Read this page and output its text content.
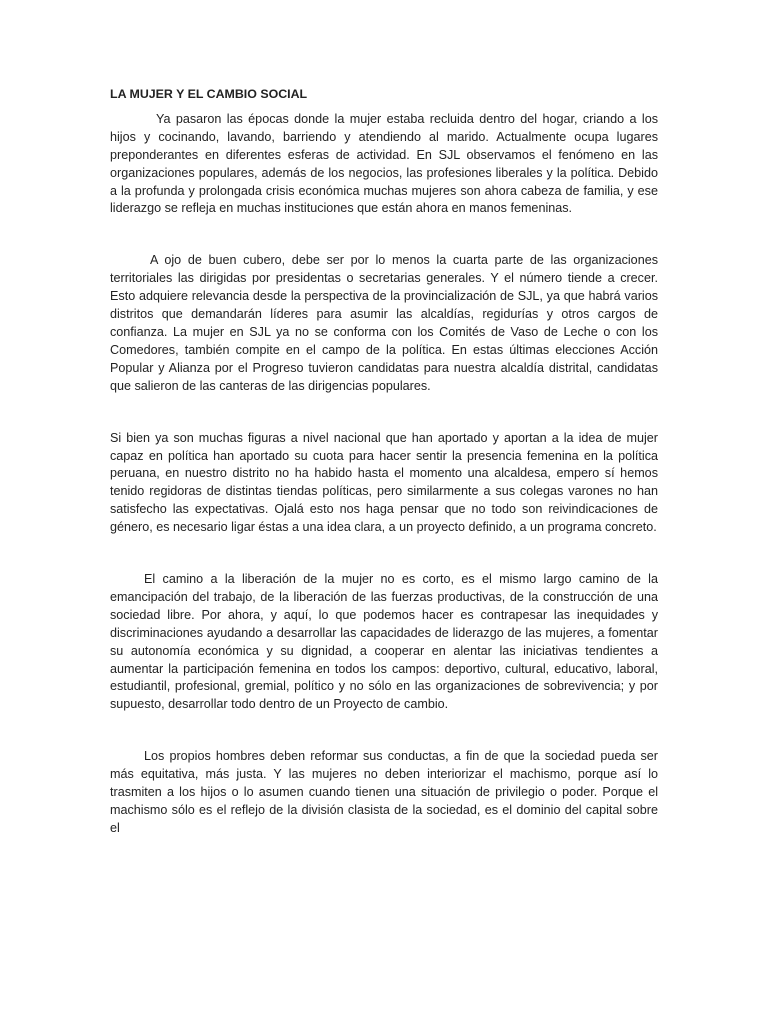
LA MUJER Y EL CAMBIO SOCIAL

Ya pasaron las épocas donde la mujer estaba recluida dentro del hogar, criando a los hijos y cocinando, lavando, barriendo y atendiendo al marido. Actualmente ocupa lugares preponderantes en diferentes esferas de actividad. En SJL observamos el fenómeno en las organizaciones populares, además de los negocios, las profesiones liberales y la política. Debido a la profunda y prolongada crisis económica muchas mujeres son ahora cabeza de familia, y ese liderazgo se refleja en muchas instituciones que están ahora en manos femeninas.

A ojo de buen cubero, debe ser por lo menos la cuarta parte de las organizaciones territoriales las dirigidas por presidentas o secretarias generales. Y el número tiende a crecer. Esto adquiere relevancia desde la perspectiva de la provincialización de SJL, ya que habrá varios distritos que demandarán líderes para asumir las alcaldías, regidurías y otros cargos de confianza. La mujer en SJL ya no se conforma con los Comités de Vaso de Leche o con los Comedores, también compite en el campo de la política. En estas últimas elecciones Acción Popular y Alianza por el Progreso tuvieron candidatas para nuestra alcaldía distrital, candidatas que salieron de las canteras de las dirigencias populares.

Si bien ya son muchas figuras a nivel nacional que han aportado y aportan a la idea de mujer capaz en política han aportado su cuota para hacer sentir la presencia femenina en la política peruana, en nuestro distrito no ha habido hasta el momento una alcaldesa, empero sí hemos tenido regidoras de distintas tiendas políticas, pero similarmente a sus colegas varones no han satisfecho las expectativas. Ojalá esto nos haga pensar que no todo son reivindicaciones de género, es necesario ligar éstas a una idea clara, a un proyecto definido, a un programa concreto.

El camino a la liberación de la mujer no es corto, es el mismo largo camino de la emancipación del trabajo, de la liberación de las fuerzas productivas, de la construcción de una sociedad libre. Por ahora, y aquí, lo que podemos hacer es contrapesar las inequidades y discriminaciones ayudando a desarrollar las capacidades de liderazgo de las mujeres, a fomentar su autonomía económica y su dignidad, a cooperar en alentar las iniciativas tendientes a aumentar la participación femenina en todos los campos: deportivo, cultural, educativo, laboral, estudiantil, profesional, gremial, político y no sólo en las organizaciones de sobrevivencia; y por supuesto, desarrollar todo dentro de un Proyecto de cambio.

Los propios hombres deben reformar sus conductas, a fin de que la sociedad pueda ser más equitativa, más justa. Y las mujeres no deben interiorizar el machismo, porque así lo trasmiten a los hijos o lo asumen cuando tienen una situación de privilegio o poder. Porque el machismo sólo es el reflejo de la división clasista de la sociedad, es el dominio del capital sobre el
